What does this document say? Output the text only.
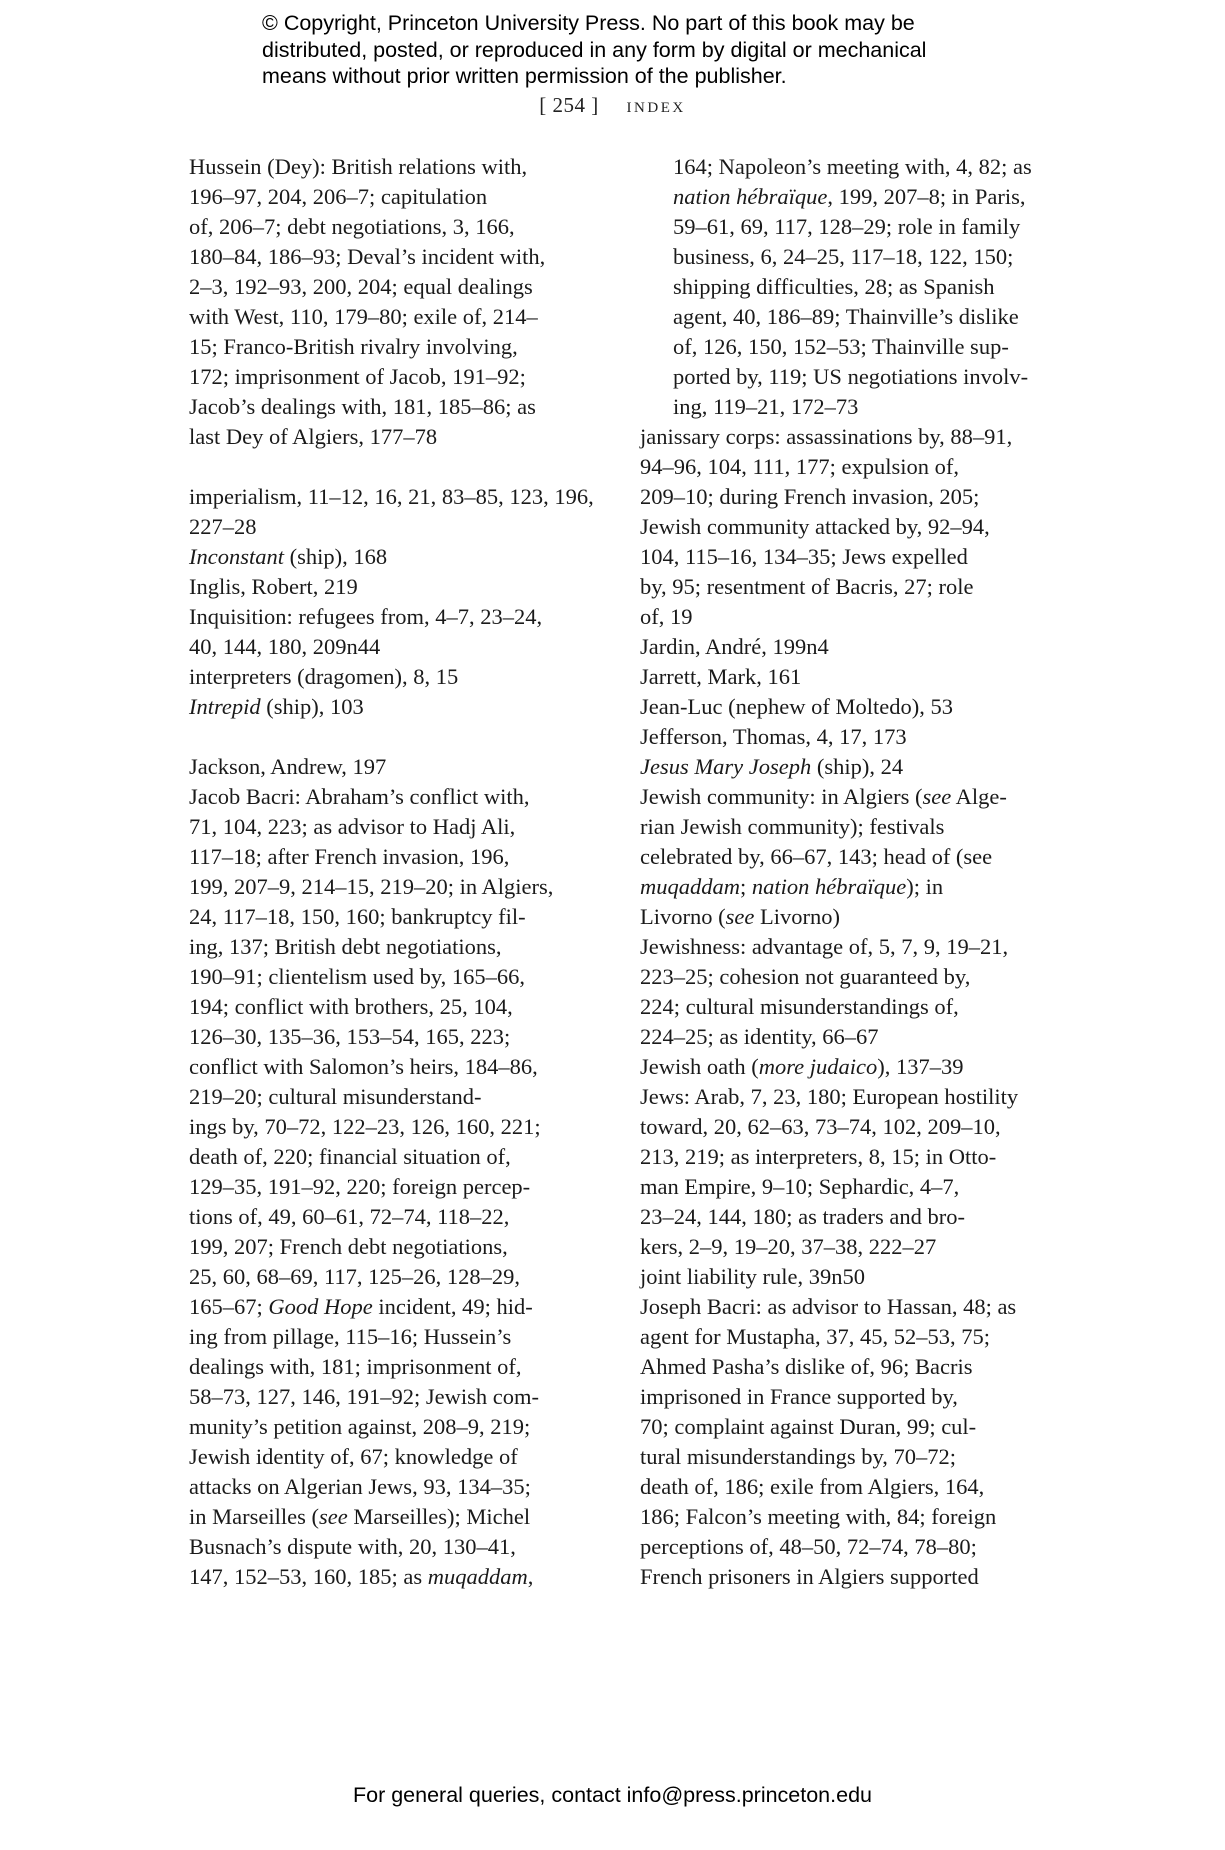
© Copyright, Princeton University Press. No part of this book may be
distributed, posted, or reproduced in any form by digital or mechanical
means without prior written permission of the publisher.
[ 254 ] index
Hussein (Dey): British relations with,
196–97, 204, 206–7; capitulation
of, 206–7; debt negotiations, 3, 166,
180–84, 186–93; Deval’s incident with,
2–3, 192–93, 200, 204; equal dealings
with West, 110, 179–80; exile of, 214–
15; Franco-British rivalry involving,
172; imprisonment of Jacob, 191–92;
Jacob’s dealings with, 181, 185–86; as
last Dey of Algiers, 177–78
imperialism, 11–12, 16, 21, 83–85, 123, 196,
227–28
Inconstant (ship), 168
Inglis, Robert, 219
Inquisition: refugees from, 4–7, 23–24,
40, 144, 180, 209n44
interpreters (dragomen), 8, 15
Intrepid (ship), 103
Jackson, Andrew, 197
Jacob Bacri: Abraham’s conflict with,
71, 104, 223; as advisor to Hadj Ali,
117–18; after French invasion, 196,
199, 207–9, 214–15, 219–20; in Algiers,
24, 117–18, 150, 160; bankruptcy fil-
ing, 137; British debt negotiations,
190–91; clientelism used by, 165–66,
194; conflict with brothers, 25, 104,
126–30, 135–36, 153–54, 165, 223;
conflict with Salomon’s heirs, 184–86,
219–20; cultural misunderstand-
ings by, 70–72, 122–23, 126, 160, 221;
death of, 220; financial situation of,
129–35, 191–92, 220; foreign percep-
tions of, 49, 60–61, 72–74, 118–22,
199, 207; French debt negotiations,
25, 60, 68–69, 117, 125–26, 128–29,
165–67; Good Hope incident, 49; hid-
ing from pillage, 115–16; Hussein’s
dealings with, 181; imprisonment of,
58–73, 127, 146, 191–92; Jewish com-
munity’s petition against, 208–9, 219;
Jewish identity of, 67; knowledge of
attacks on Algerian Jews, 93, 134–35;
in Marseilles (see Marseilles); Michel
Busnach’s dispute with, 20, 130–41,
147, 152–53, 160, 185; as muqaddam,
164; Napoleon’s meeting with, 4, 82; as
nation hébraïque, 199, 207–8; in Paris,
59–61, 69, 117, 128–29; role in family
business, 6, 24–25, 117–18, 122, 150;
shipping difficulties, 28; as Spanish
agent, 40, 186–89; Thainville’s dislike
of, 126, 150, 152–53; Thainville sup-
ported by, 119; US negotiations involv-
ing, 119–21, 172–73
janissary corps: assassinations by, 88–91,
94–96, 104, 111, 177; expulsion of,
209–10; during French invasion, 205;
Jewish community attacked by, 92–94,
104, 115–16, 134–35; Jews expelled
by, 95; resentment of Bacris, 27; role
of, 19
Jardin, André, 199n4
Jarrett, Mark, 161
Jean-Luc (nephew of Moltedo), 53
Jefferson, Thomas, 4, 17, 173
Jesus Mary Joseph (ship), 24
Jewish community: in Algiers (see Alge-
rian Jewish community); festivals
celebrated by, 66–67, 143; head of (see
muqaddam; nation hébraïque); in
Livorno (see Livorno)
Jewishness: advantage of, 5, 7, 9, 19–21,
223–25; cohesion not guaranteed by,
224; cultural misunderstandings of,
224–25; as identity, 66–67
Jewish oath (more judaico), 137–39
Jews: Arab, 7, 23, 180; European hostility
toward, 20, 62–63, 73–74, 102, 209–10,
213, 219; as interpreters, 8, 15; in Otto-
man Empire, 9–10; Sephardic, 4–7,
23–24, 144, 180; as traders and bro-
kers, 2–9, 19–20, 37–38, 222–27
joint liability rule, 39n50
Joseph Bacri: as advisor to Hassan, 48; as
agent for Mustapha, 37, 45, 52–53, 75;
Ahmed Pasha’s dislike of, 96; Bacris
imprisoned in France supported by,
70; complaint against Duran, 99; cul-
tural misunderstandings by, 70–72;
death of, 186; exile from Algiers, 164,
186; Falcon’s meeting with, 84; foreign
perceptions of, 48–50, 72–74, 78–80;
French prisoners in Algiers supported
For general queries, contact info@press.princeton.edu
